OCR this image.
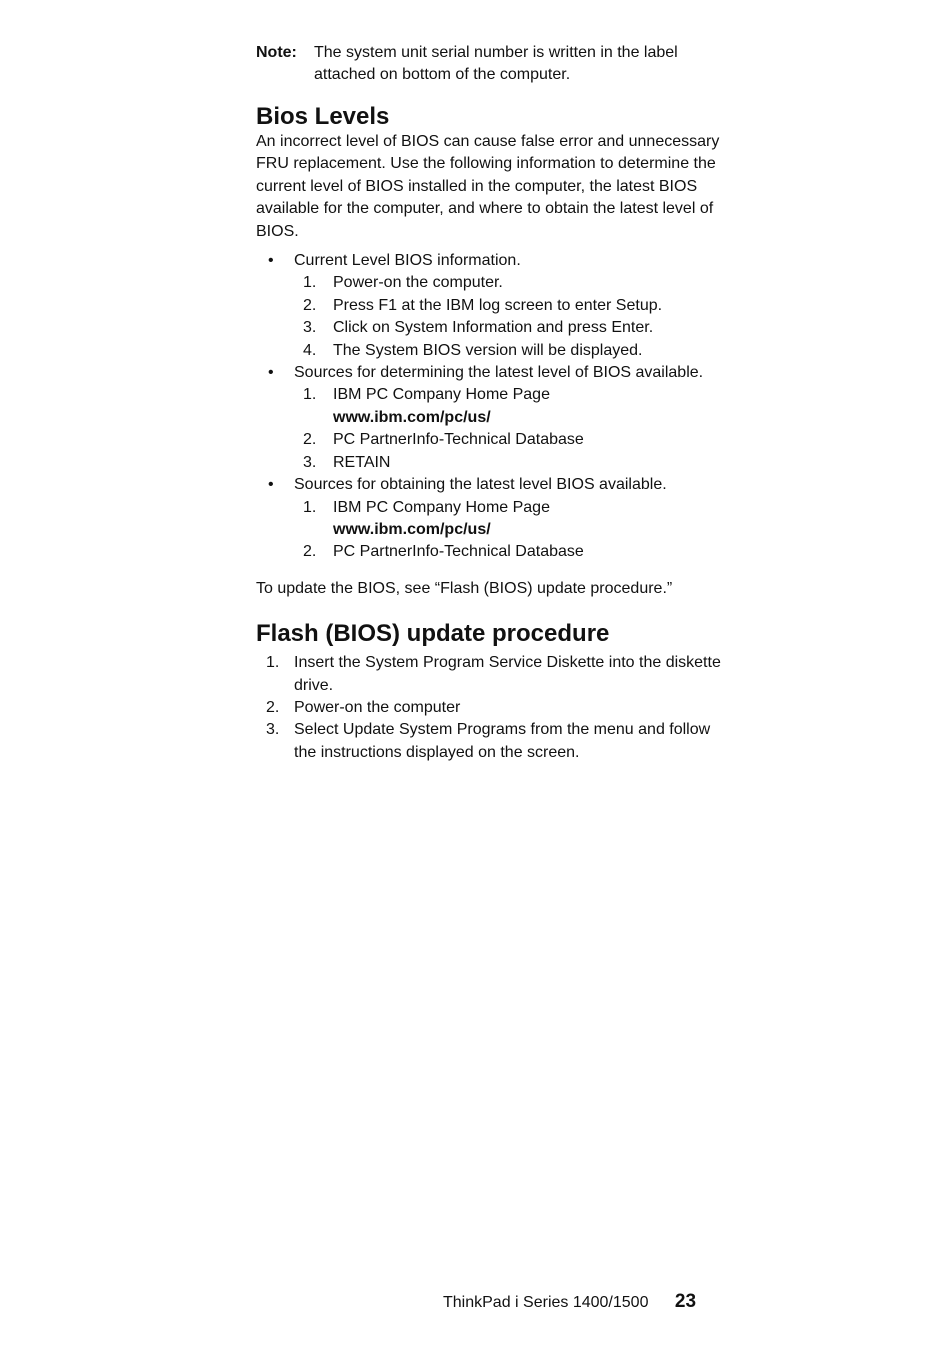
Note:	The system unit serial number is written in the label attached on bottom of the computer.
Bios Levels

An incorrect level of BIOS can cause false error and unnecessary FRU replacement. Use the following information to determine the current level of BIOS installed in the computer, the latest BIOS available for the computer, and where to obtain the latest level of BIOS.

• Current Level BIOS information.
1. Power-on the computer.
2. Press F1 at the IBM log screen to enter Setup.
3. Click on System Information and press Enter.
4. The System BIOS version will be displayed.
• Sources for determining the latest level of BIOS available.
1. IBM PC Company Home Page
www.ibm.com/pc/us/
2. PC PartnerInfo-Technical Database
3. RETAIN
• Sources for obtaining the latest level BIOS available.
1. IBM PC Company Home Page
www.ibm.com/pc/us/
2. PC PartnerInfo-Technical Database

To update the BIOS, see “Flash (BIOS) update procedure.”

Flash (BIOS) update procedure
1. Insert the System Program Service Diskette into the diskette drive.
2. Power-on the computer
3. Select Update System Programs from the menu and follow the instructions displayed on the screen.
ThinkPad i Series 1400/1500 23
